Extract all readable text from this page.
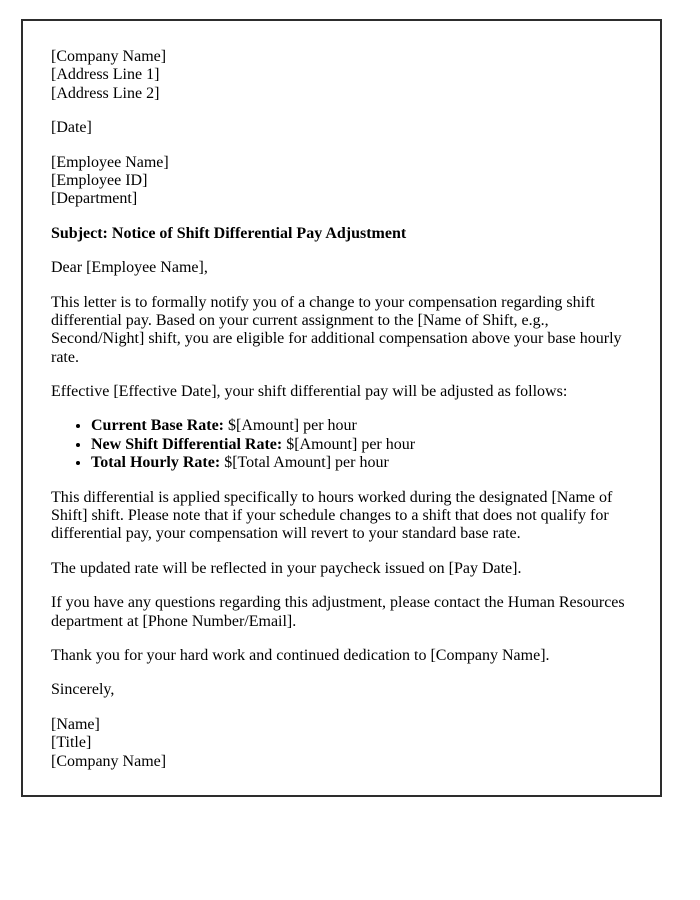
[Company Name]
[Address Line 1]
[Address Line 2]

[Date]

[Employee Name]
[Employee ID]
[Department]

Subject: Notice of Shift Differential Pay Adjustment

Dear [Employee Name],

This letter is to formally notify you of a change to your compensation regarding shift differential pay. Based on your current assignment to the [Name of Shift, e.g., Second/Night] shift, you are eligible for additional compensation above your base hourly rate.

Effective [Effective Date], your shift differential pay will be adjusted as follows:

• Current Base Rate: $[Amount] per hour
• New Shift Differential Rate: $[Amount] per hour
• Total Hourly Rate: $[Total Amount] per hour

This differential is applied specifically to hours worked during the designated [Name of Shift] shift. Please note that if your schedule changes to a shift that does not qualify for differential pay, your compensation will revert to your standard base rate.

The updated rate will be reflected in your paycheck issued on [Pay Date].

If you have any questions regarding this adjustment, please contact the Human Resources department at [Phone Number/Email].

Thank you for your hard work and continued dedication to [Company Name].

Sincerely,

[Name]
[Title]
[Company Name]
